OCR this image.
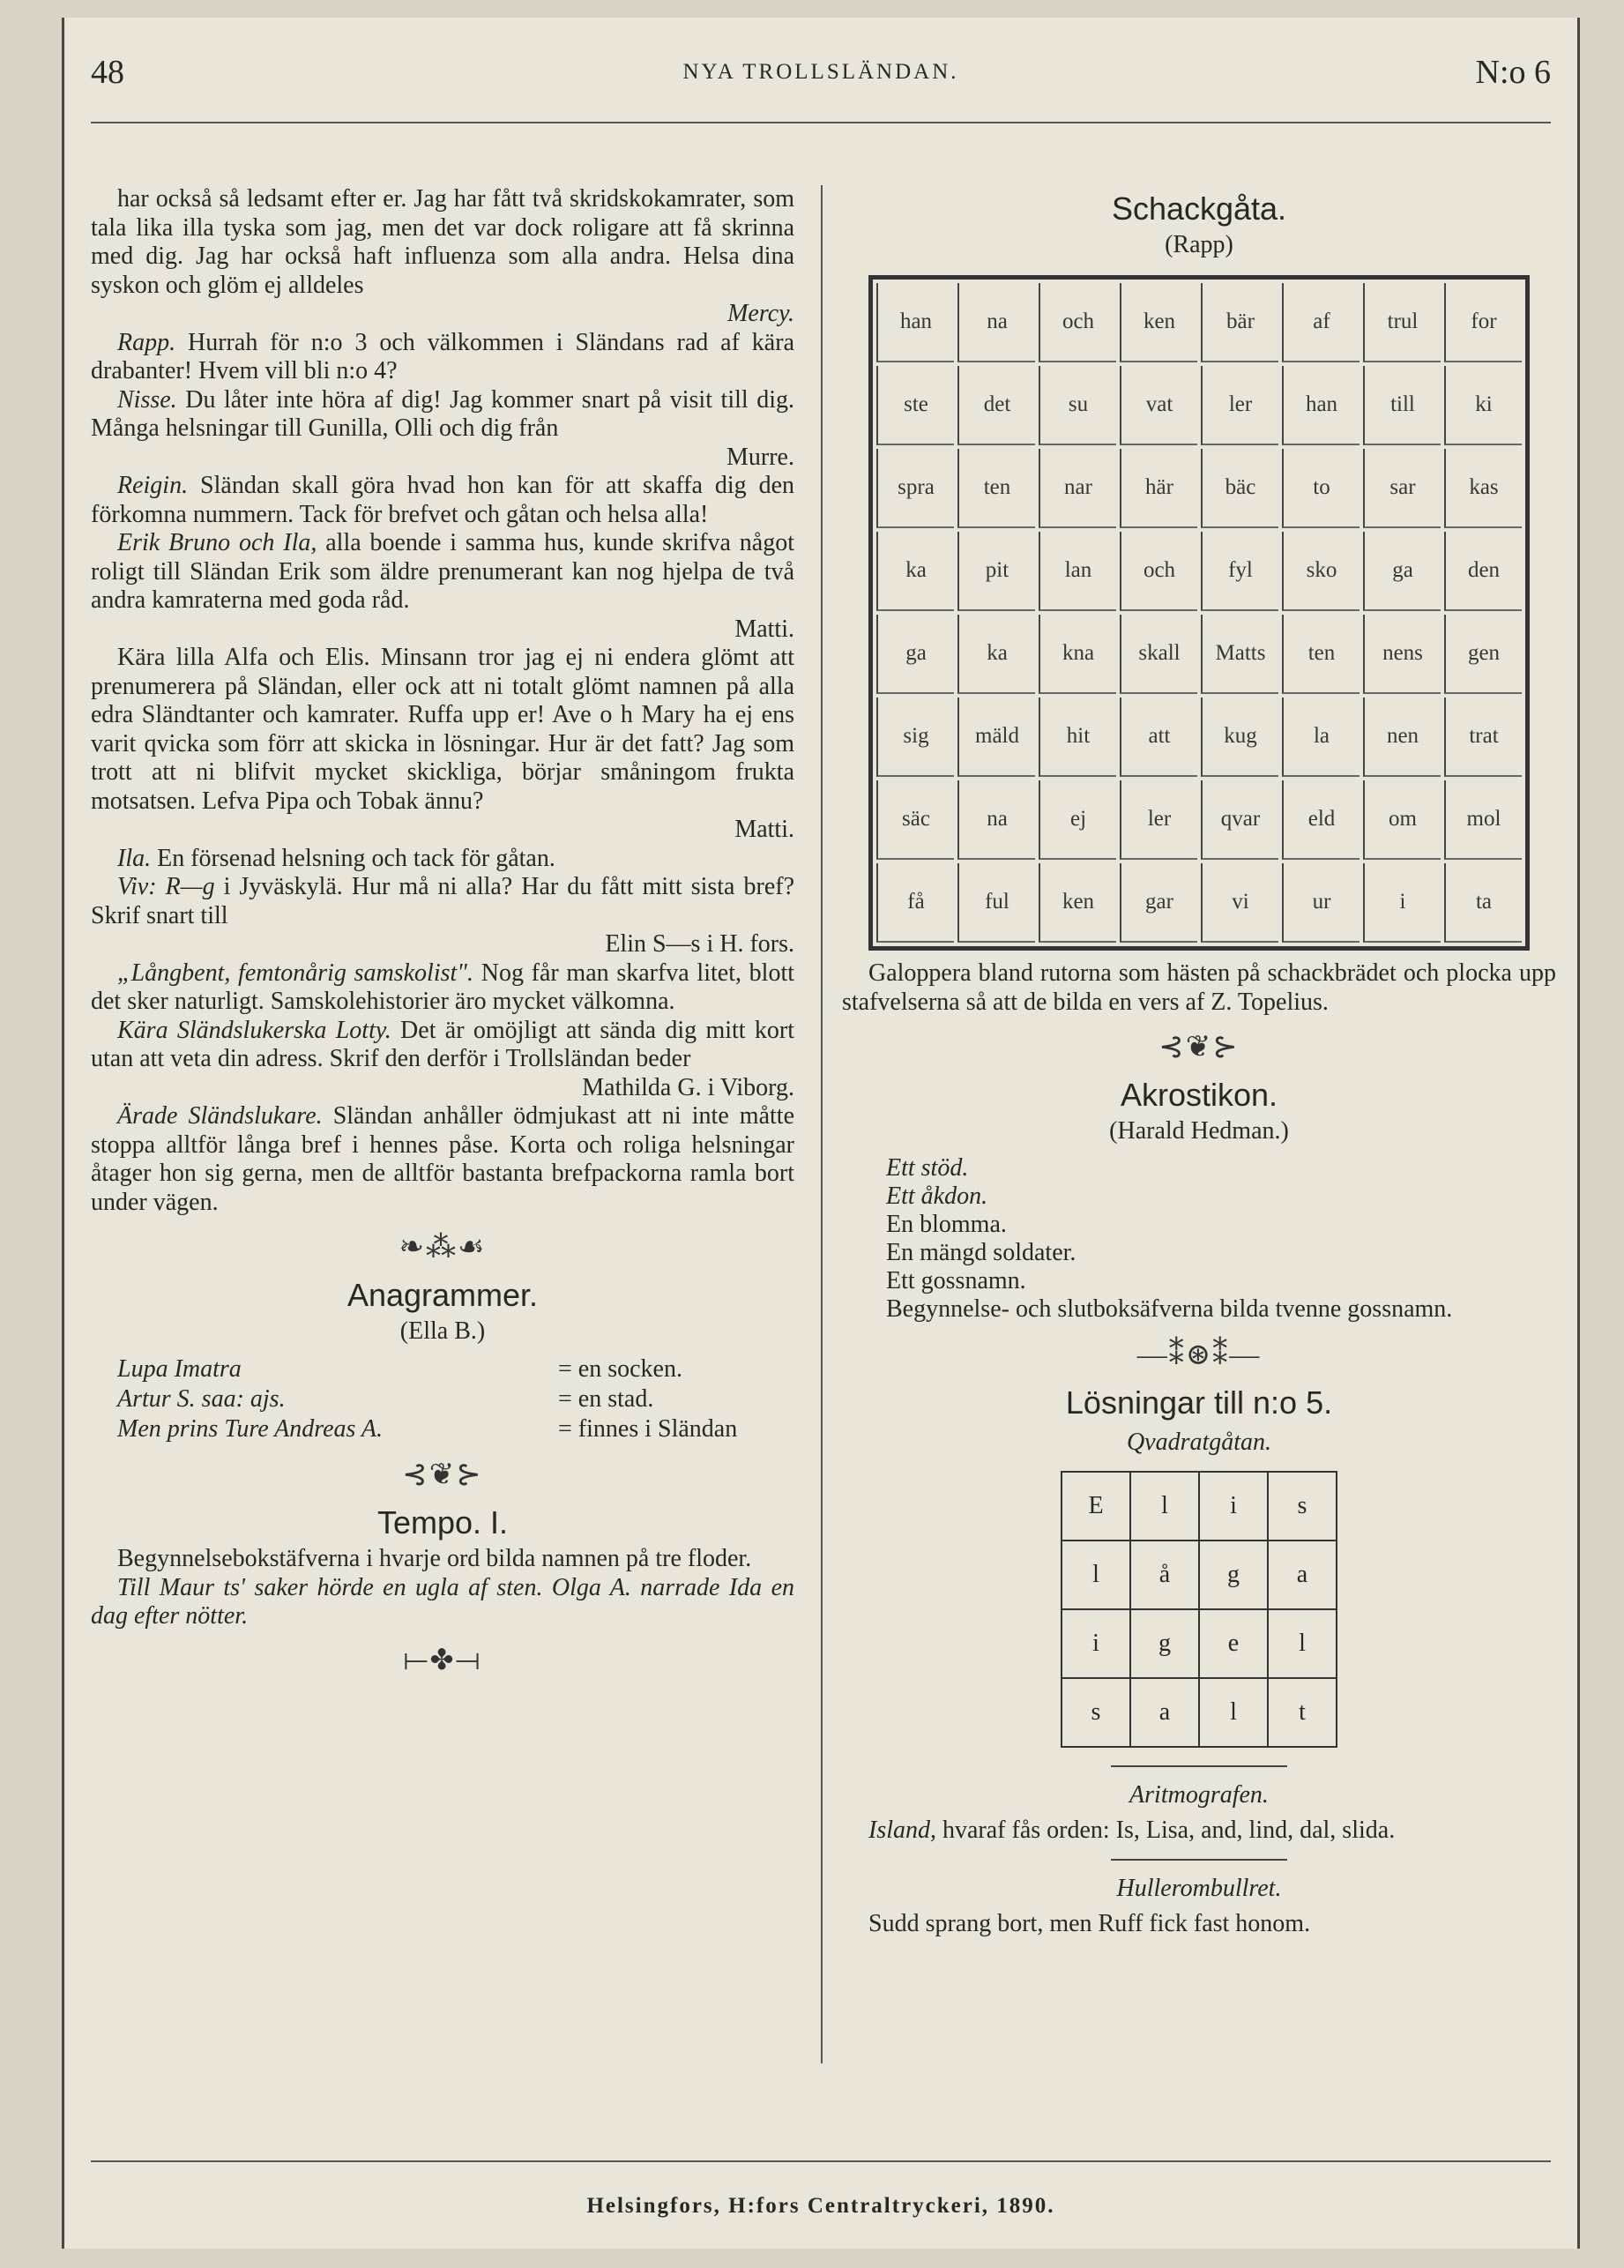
48	NYA TROLLSLÄNDAN.	N:o 6

har också så ledsamt efter er. Jag har fått två skridskokamrater, som tala lika illa tyska som jag, men det var dock roligare att få skrinna med dig. Jag har också haft influenza som alla andra. Helsa dina syskon och glöm ej alldeles

Mercy.

Rapp. Hurrah för n:o 3 och välkommen i Sländans rad af kära drabanter! Hvem vill bli n:o 4?

Nisse. Du låter inte höra af dig! Jag kommer snart på visit till dig. Många helsningar till Gunilla, Olli och dig från

Murre.

Reigin. Sländan skall göra hvad hon kan för att skaffa dig den förkomna nummern. Tack för brefvet och gåtan och helsa alla!

Erik Bruno och Ila, alla boende i samma hus, kunde skrifva något roligt till Sländan Erik som äldre prenumerant kan nog hjelpa de två andra kamraterna med goda råd.

Matti.

Kära lilla Alfa och Elis. Minsann tror jag ej ni endera glömt att prenumerera på Sländan, eller ock att ni totalt glömt namnen på alla edra Sländtanter och kamrater. Ruffa upp er! Ave o h Mary ha ej ens varit qvicka som förr att skicka in lösningar. Hur är det fatt? Jag som trott att ni blifvit mycket skickliga, börjar småningom frukta motsatsen. Lefva Pipa och Tobak ännu?

Matti.

Ila. En försenad helsning och tack för gåtan.

Viv: R—g i Jyväskylä. Hur må ni alla? Har du fått mitt sista bref? Skrif snart till

Elin S—s i H. fors.

„Långbent, femtonårig samskolist". Nog får man skarfva litet, blott det sker naturligt. Samskolehistorier äro mycket välkomna.

Kära Sländslukerska Lotty. Det är omöjligt att sända dig mitt kort utan att veta din adress. Skrif den derför i Trollsländan beder

Mathilda G. i Viborg.

Ärade Sländslukare. Sländan anhåller ödmjukast att ni inte måtte stoppa alltför långa bref i hennes påse. Korta och roliga helsningar åtager hon sig gerna, men de alltför bastanta brefpackorna ramla bort under vägen.

❧⁂☙
Anagrammer.
(Ella B.)
Lupa Imatra	= en socken.
Artur S. saa: ajs.	= en stad.
Men prins Ture Andreas A.	= finnes i Sländan
⊰❦⊱
Tempo. I.

Begynnelsebokstäfverna i hvarje ord bilda namnen på tre floder.

Till Maur ts' saker hörde en ugla af sten. Olga A. narrade Ida en dag efter nötter.

⟝✤⟞
Schackgåta.
(Rapp)
han	na	och	ken	bär	af	trul	for
ste	det	su	vat	ler	han	till	ki
spra	ten	nar	här	bäc	to	sar	kas
ka	pit	lan	och	fyl	sko	ga	den
ga	ka	kna	skall	Matts	ten	nens	gen
sig	mäld	hit	att	kug	la	nen	trat
säc	na	ej	ler	qvar	eld	om	mol
få	ful	ken	gar	vi	ur	i	ta

Galoppera bland rutorna som hästen på schackbrädet och plocka upp stafvelserna så att de bilda en vers af Z. Topelius.

⊰❦⊱
Akrostikon.
(Harald Hedman.)
Ett stöd.
Ett åkdon.
En blomma.
En mängd soldater.
Ett gossnamn.

Begynnelse- och slutboksäfverna bilda tvenne gossnamn.

—⁑⊛⁑—
Lösningar till n:o 5.
Qvadratgåtan.
E	l	i	s
l	å	g	a
i	g	e	l
s	a	l	t
Aritmografen.

Island, hvaraf fås orden: Is, Lisa, and, lind, dal, slida.

Hullerombullret.

Sudd sprang bort, men Ruff fick fast honom.

Helsingfors, H:fors Centraltryckeri, 1890.
